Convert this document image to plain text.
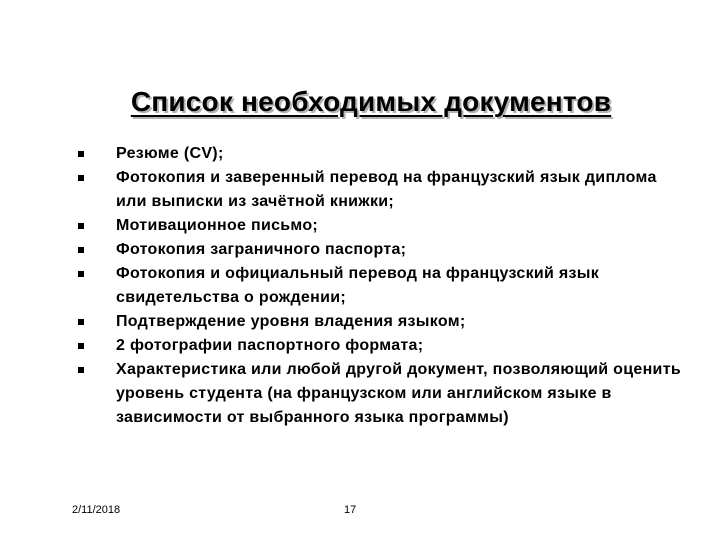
Список необходимых документов
Резюме (CV);
Фотокопия и заверенный перевод на французский язык диплома или выписки из зачётной книжки;
Мотивационное письмо;
Фотокопия заграничного паспорта;
Фотокопия и официальный перевод на французский язык свидетельства о рождении;
Подтверждение уровня владения языком;
2 фотографии паспортного формата;
Характеристика или любой другой документ, позволяющий оценить уровень студента (на французском или английском языке в зависимости от выбранного языка программы)
2/11/2018	17
